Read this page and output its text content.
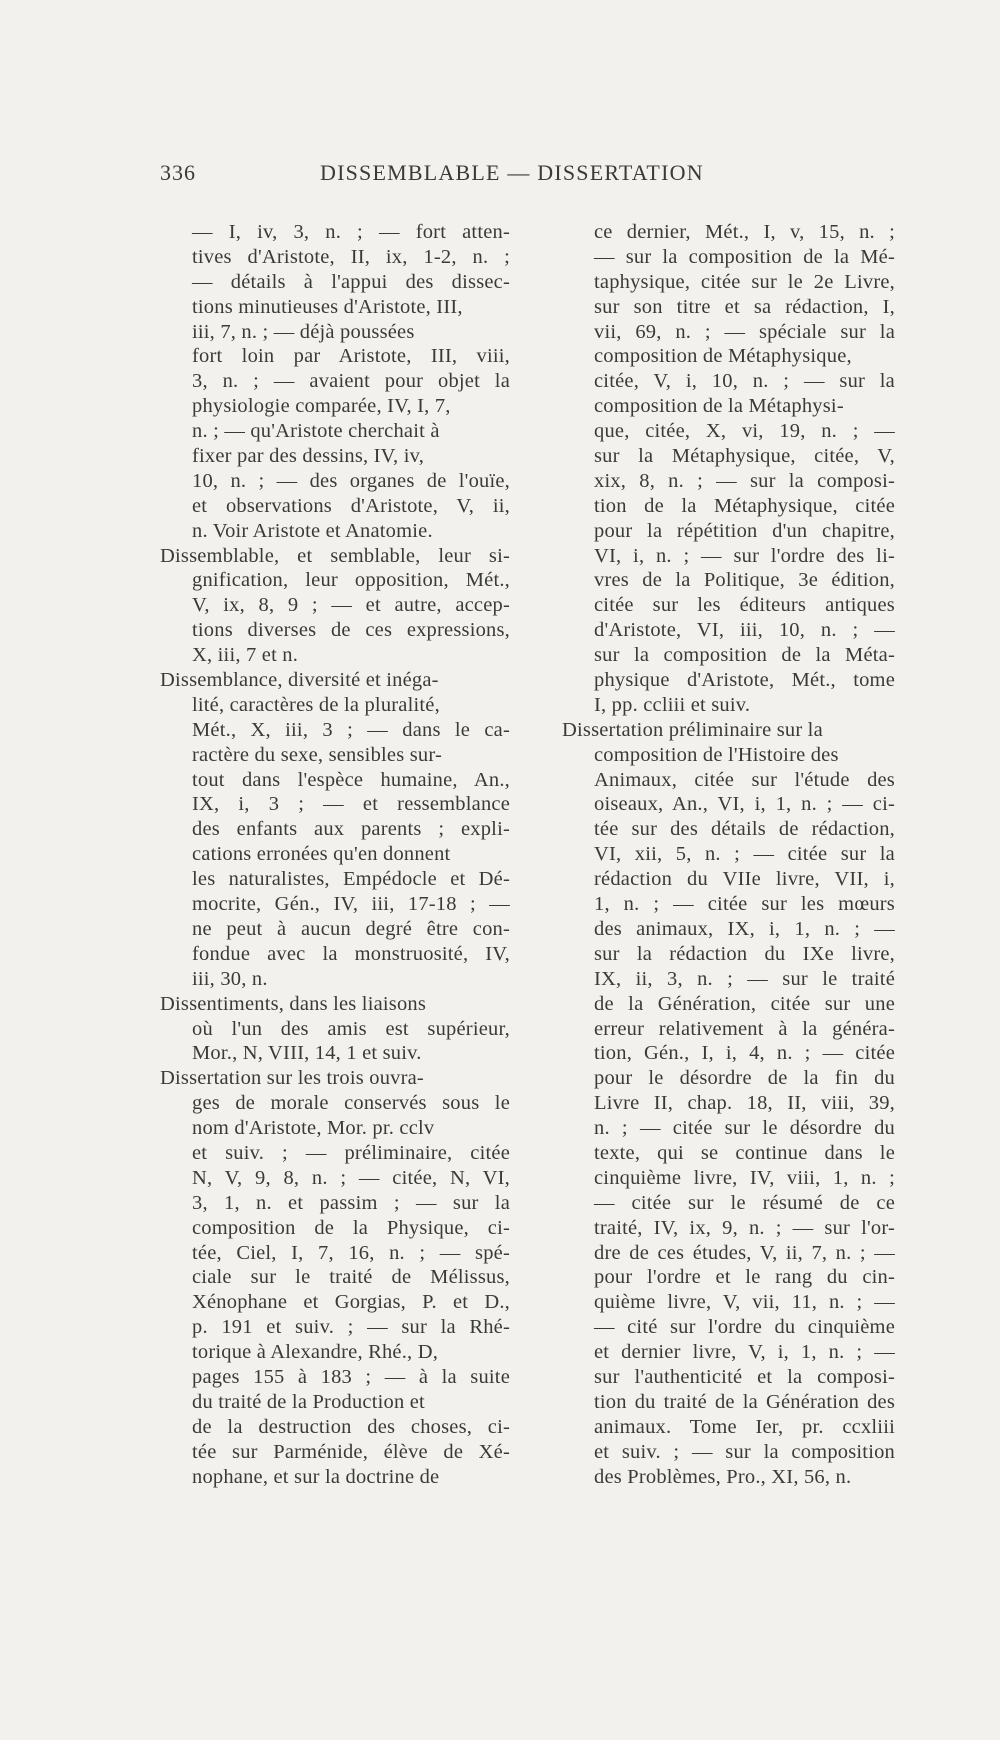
336	DISSEMBLABLE — DISSERTATION
— I, iv, 3, n. ; — fort atten-
tives d'Aristote, II, ix, 1-2, n. ;
— détails à l'appui des dissec-
tions minutieuses d'Aristote, III,
iii, 7, n. ; — déjà poussées
fort loin par Aristote, III, viii,
3, n. ; — avaient pour objet la
physiologie comparée, IV, I, 7,
n. ; — qu'Aristote cherchait à
fixer par des dessins, IV, iv,
10, n. ; — des organes de l'ouïe,
et observations d'Aristote, V, ii,
n. Voir Aristote et Anatomie.
Dissemblable, et semblable, leur si-
gnification, leur opposition, Mét.,
V, ix, 8, 9 ; — et autre, accep-
tions diverses de ces expressions,
X, iii, 7 et n.
Dissemblance, diversité et inéga-
lité, caractères de la pluralité,
Mét., X, iii, 3 ; — dans le ca-
ractère du sexe, sensibles sur-
tout dans l'espèce humaine, An.,
IX, i, 3 ; — et ressemblance
des enfants aux parents ; expli-
cations erronées qu'en donnent
les naturalistes, Empédocle et Dé-
mocrite, Gén., IV, iii, 17-18 ; —
ne peut à aucun degré être con-
fondue avec la monstruosité, IV,
iii, 30, n.
Dissentiments, dans les liaisons
où l'un des amis est supérieur,
Mor., N, VIII, 14, 1 et suiv.
Dissertation sur les trois ouvra-
ges de morale conservés sous le
nom d'Aristote, Mor. pr. cclv
et suiv. ; — préliminaire, citée
N, V, 9, 8, n. ; — citée, N, VI,
3, 1, n. et passim ; — sur la
composition de la Physique, ci-
tée, Ciel, I, 7, 16, n. ; — spé-
ciale sur le traité de Mélissus,
Xénophane et Gorgias, P. et D.,
p. 191 et suiv. ; — sur la Rhé-
torique à Alexandre, Rhé., D,
pages 155 à 183 ; — à la suite
du traité de la Production et
de la destruction des choses, ci-
tée sur Parménide, élève de Xé-
nophane, et sur la doctrine de
ce dernier, Mét., I, v, 15, n. ;
— sur la composition de la Mé-
taphysique, citée sur le 2e Livre,
sur son titre et sa rédaction, I,
vii, 69, n. ; — spéciale sur la
composition de Métaphysique,
citée, V, i, 10, n. ; — sur la
composition de la Métaphysi-
que, citée, X, vi, 19, n. ; —
sur la Métaphysique, citée, V,
xix, 8, n. ; — sur la composi-
tion de la Métaphysique, citée
pour la répétition d'un chapitre,
VI, i, n. ; — sur l'ordre des li-
vres de la Politique, 3e édition,
citée sur les éditeurs antiques
d'Aristote, VI, iii, 10, n. ; —
sur la composition de la Méta-
physique d'Aristote, Mét., tome
I, pp. ccliii et suiv.
Dissertation préliminaire sur la
composition de l'Histoire des
Animaux, citée sur l'étude des
oiseaux, An., VI, i, 1, n. ; — ci-
tée sur des détails de rédaction,
VI, xii, 5, n. ; — citée sur la
rédaction du VIIe livre, VII, i,
1, n. ; — citée sur les mœurs
des animaux, IX, i, 1, n. ; —
sur la rédaction du IXe livre,
IX, ii, 3, n. ; — sur le traité
de la Génération, citée sur une
erreur relativement à la généra-
tion, Gén., I, i, 4, n. ; — citée
pour le désordre de la fin du
Livre II, chap. 18, II, viii, 39,
n. ; — citée sur le désordre du
texte, qui se continue dans le
cinquième livre, IV, viii, 1, n. ;
— citée sur le résumé de ce
traité, IV, ix, 9, n. ; — sur l'or-
dre de ces études, V, ii, 7, n. ; —
pour l'ordre et le rang du cin-
quième livre, V, vii, 11, n. ; —
— cité sur l'ordre du cinquième
et dernier livre, V, i, 1, n. ; —
sur l'authenticité et la composi-
tion du traité de la Génération des
animaux. Tome Ier, pr. ccxliii
et suiv. ; — sur la composition
des Problèmes, Pro., XI, 56, n.
